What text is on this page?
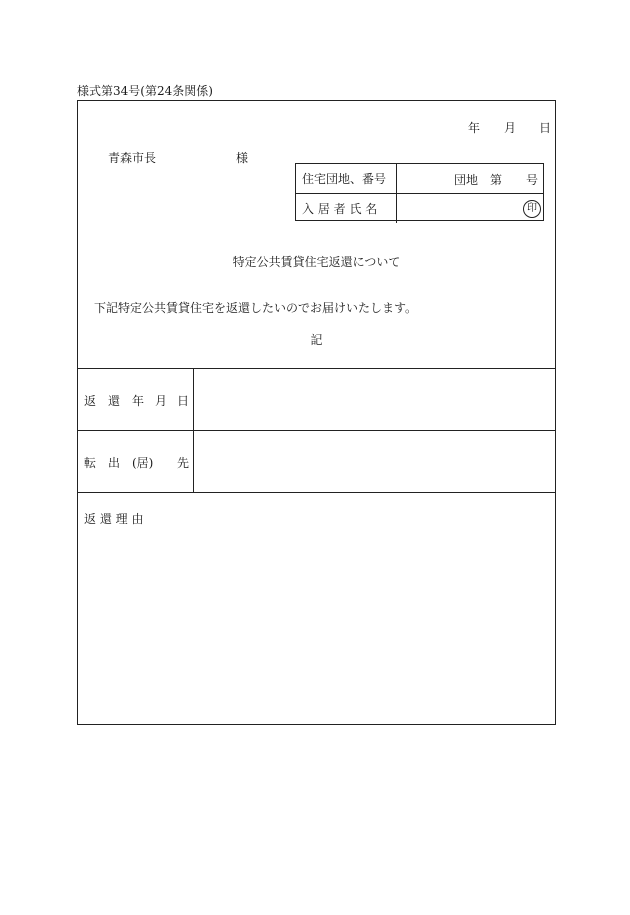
様式第34号(第24条関係)
年 月 日
青森市長	様
住宅団地、番号	団地 第 号
入 居 者 氏 名	印
特定公共賃貸住宅返還について
下記特定公共賃貸住宅を返還したいのでお届けいたします。
記
返 還 年 月 日
転 出 (居) 先
返 還 理 由
